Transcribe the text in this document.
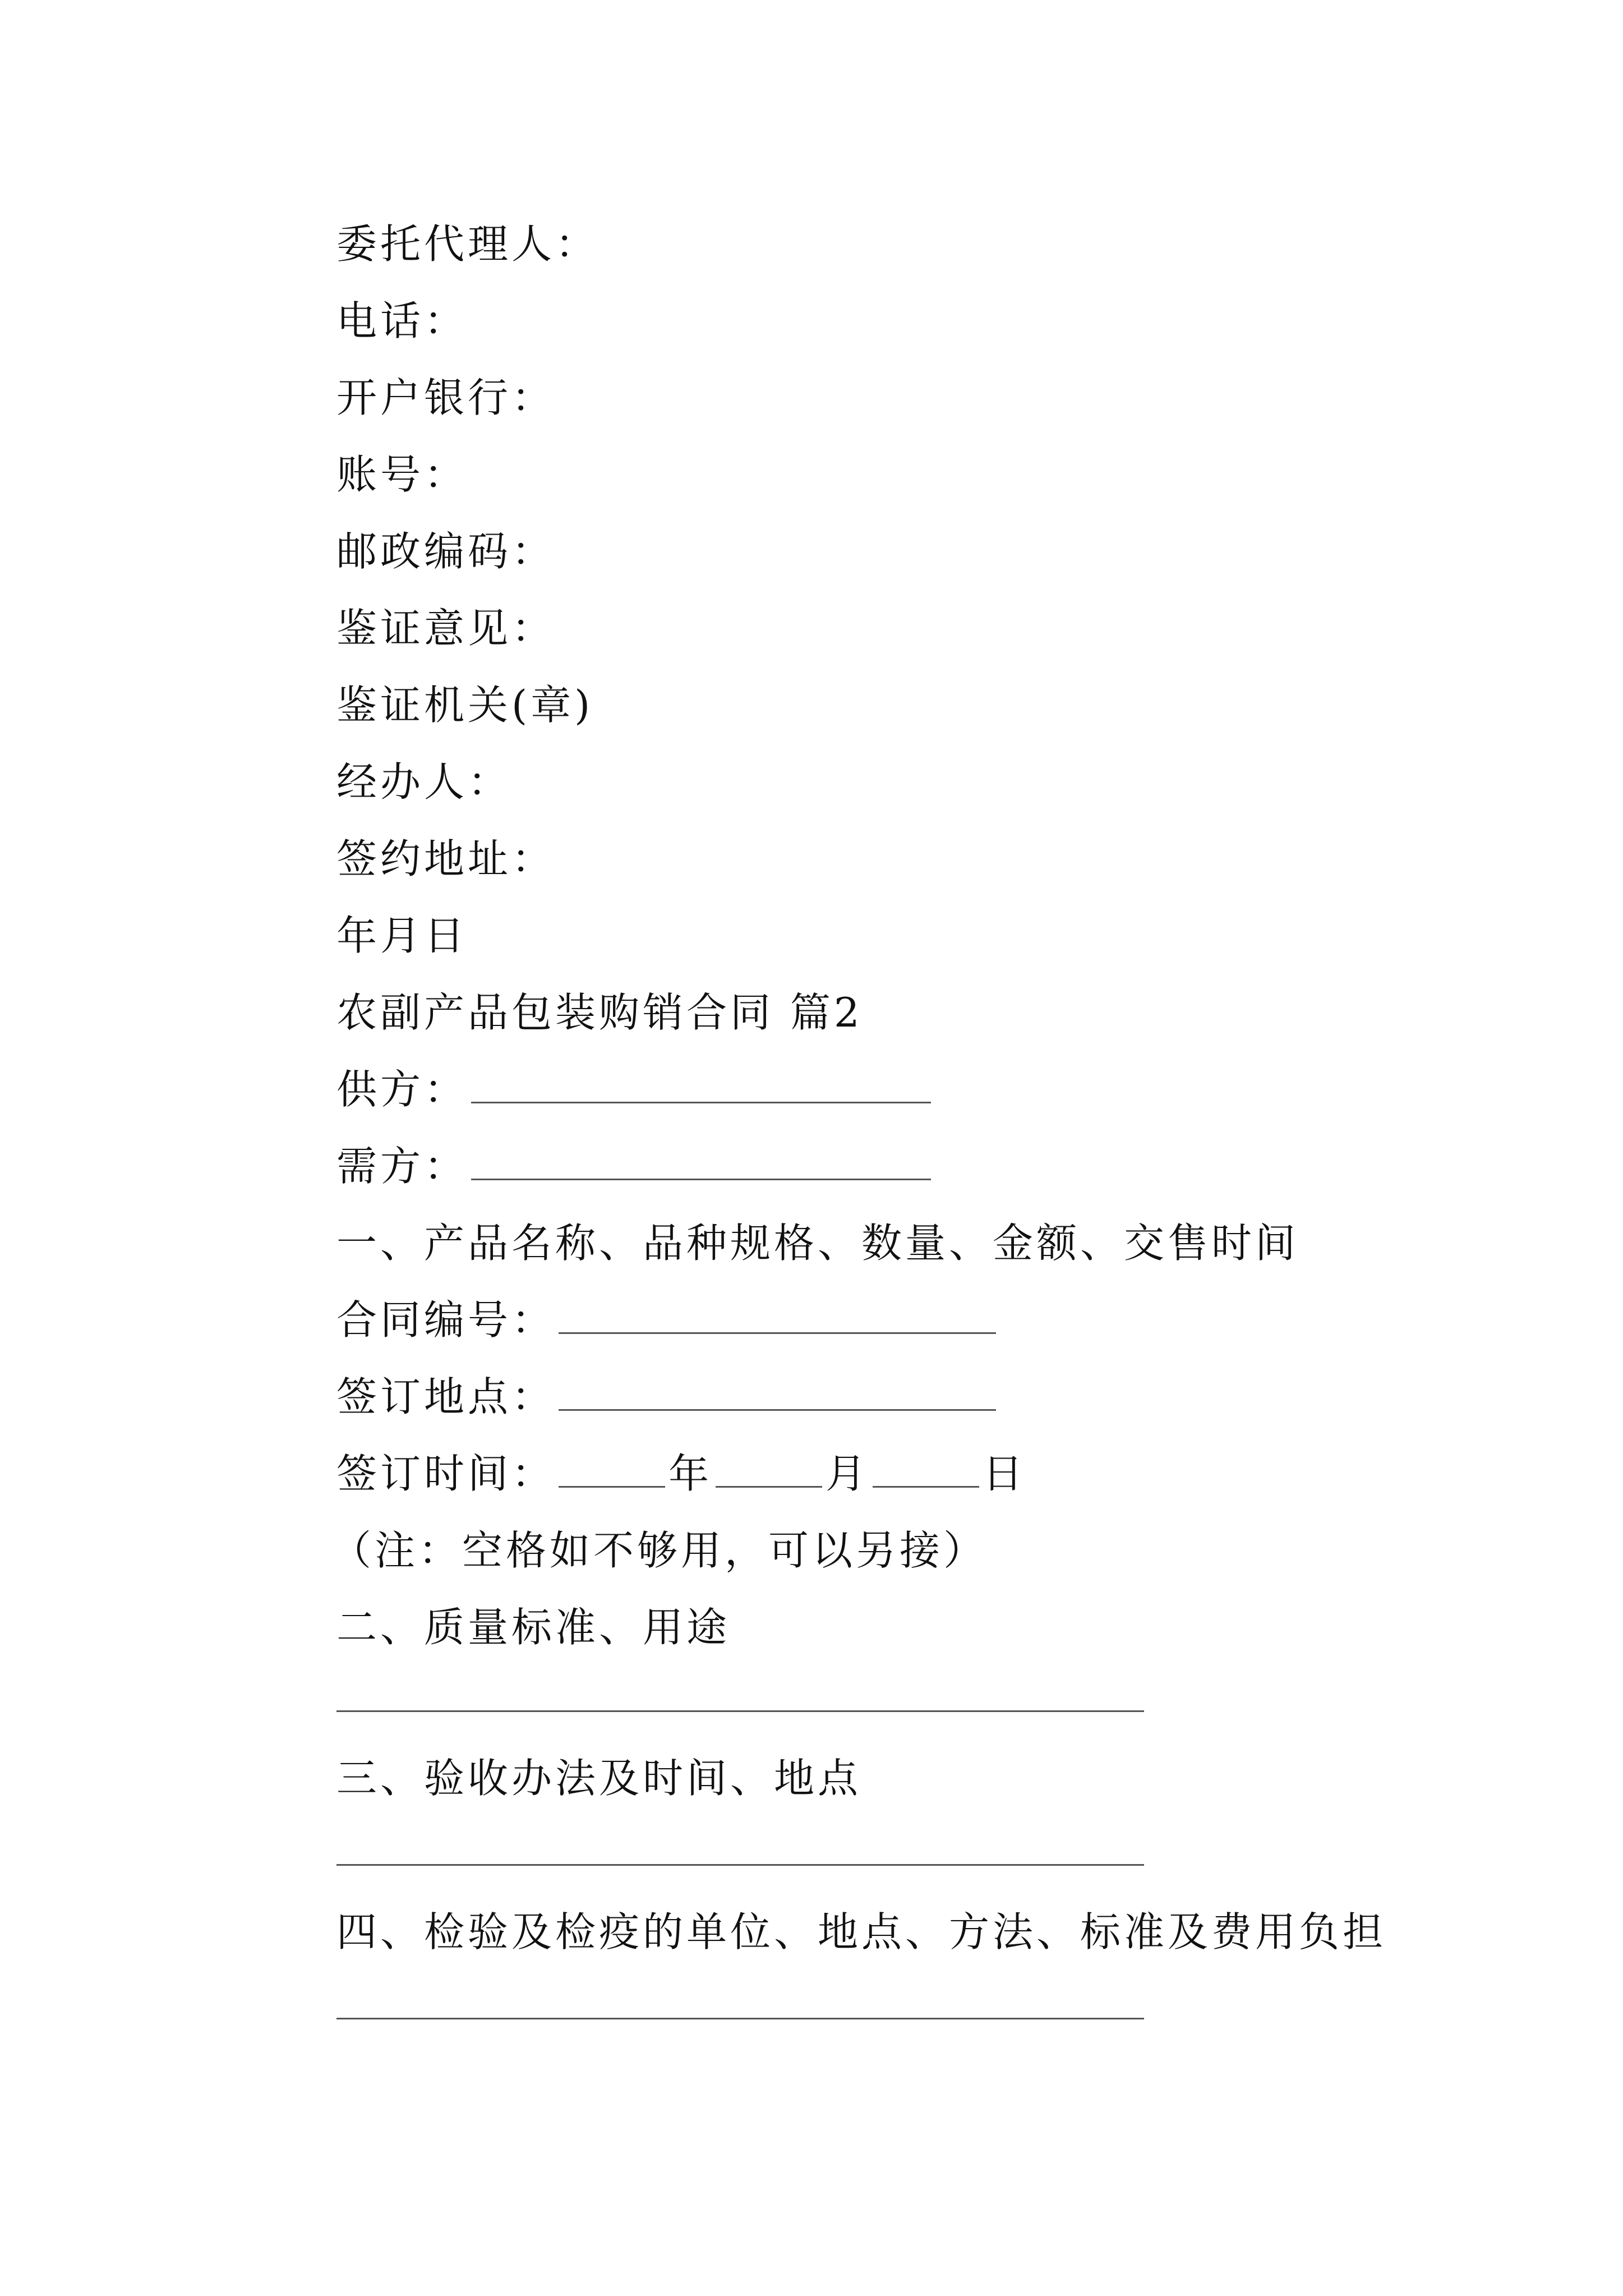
委托代理人：
电话：
开户银行：
账号：
邮政编码：
鉴证意见：
鉴证机关(章)
经办人：
签约地址：
年月日
农副产品包装购销合同 篇2
供方：
需方：
一、产品名称、品种规格、数量、金额、交售时间
合同编号：
签订地点：
签订时间：	年	月	日
（注：空格如不够用，可以另接）
二、质量标准、用途
三、验收办法及时间、地点
四、检验及检疫的单位、地点、方法、标准及费用负担
